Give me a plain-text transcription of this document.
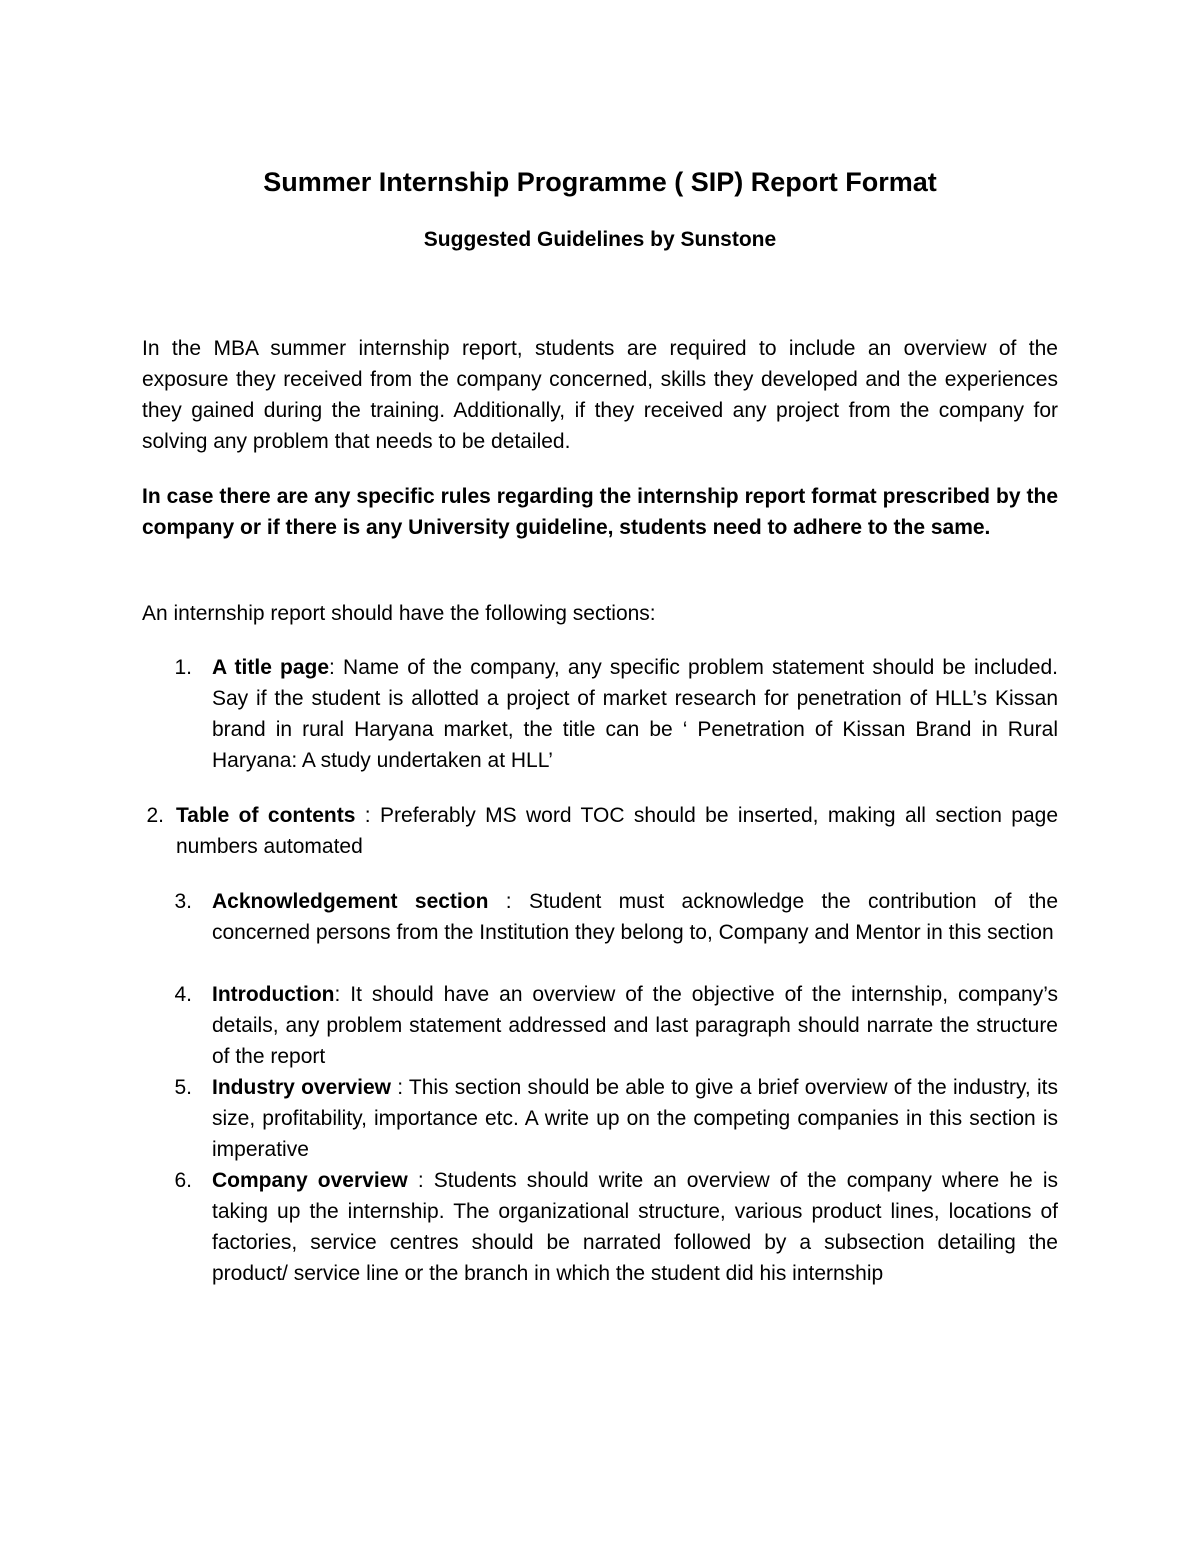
Summer Internship Programme ( SIP) Report Format
Suggested Guidelines by Sunstone

In the MBA summer internship report, students are required to include an overview of the exposure they received from the company concerned, skills they developed and the experiences they gained during the training. Additionally, if they received any project from the company for solving any problem that needs to be detailed.

In case there are any specific rules regarding the internship report format prescribed by the company or if there is any University guideline, students need to adhere to the same.

An internship report should have the following sections:

1. A title page: Name of the company, any specific problem statement should be included. Say if the student is allotted a project of market research for penetration of HLL’s Kissan brand in rural Haryana market, the title can be ‘ Penetration of Kissan Brand in Rural Haryana: A study undertaken at HLL’
2. Table of contents : Preferably MS word TOC should be inserted, making all section page numbers automated
3. Acknowledgement section : Student must acknowledge the contribution of the concerned persons from the Institution they belong to, Company and Mentor in this section
4. Introduction: It should have an overview of the objective of the internship, company’s details, any problem statement addressed and last paragraph should narrate the structure of the report
5. Industry overview : This section should be able to give a brief overview of the industry, its size, profitability, importance etc. A write up on the competing companies in this section is imperative
6. Company overview : Students should write an overview of the company where he is taking up the internship. The organizational structure, various product lines, locations of factories, service centres should be narrated followed by a subsection detailing the product/ service line or the branch in which the student did his internship
